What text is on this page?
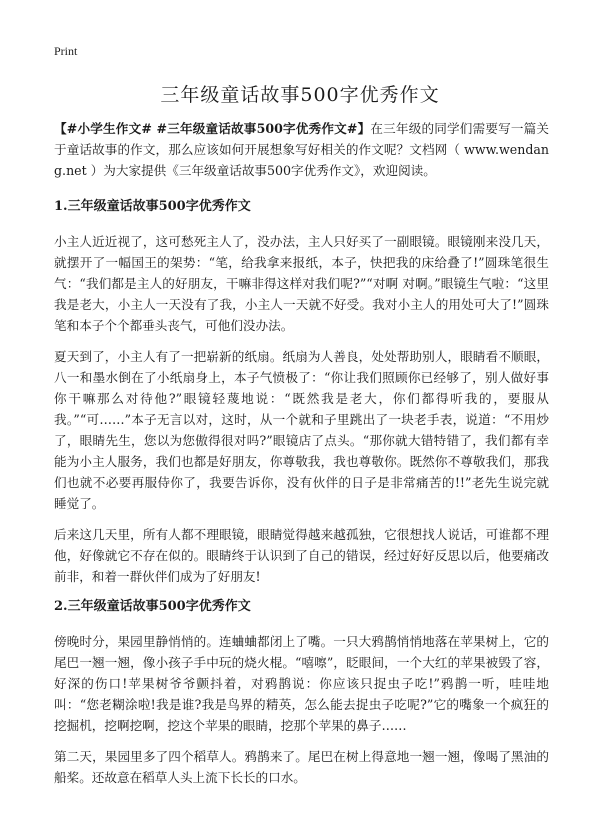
Print
三年级童话故事500字优秀作文

【#小学生作文# #三年级童话故事500字优秀作文#】在三年级的同学们需要写一篇关于童话故事的作文，那么应该如何开展想象写好相关的作文呢？文档网（ www.wendang.net ）为大家提供《三年级童话故事500字优秀作文》，欢迎阅读。

1.三年级童话故事500字优秀作文

小主人近近视了，这可愁死主人了，没办法，主人只好买了一副眼镜。眼镜刚来没几天，就摆开了一幅国王的架势：“笔，给我拿来报纸，本子，快把我的床给叠了!”圆珠笔很生气：“我们都是主人的好朋友，干嘛非得这样对我们呢?”“对啊 对啊。”眼镜生气啦：“这里我是老大，小主人一天没有了我，小主人一天就不好受。我对小主人的用处可大了!”圆珠笔和本子个个都垂头丧气，可他们没办法。

夏天到了，小主人有了一把崭新的纸扇。纸扇为人善良，处处帮助别人，眼睛看不顺眼，八一和墨水倒在了小纸扇身上，本子气愤极了：“你让我们照顾你已经够了，别人做好事你干嘛那么对待他?”眼镜轻蔑地说：“既然我是老大，你们都得听我的，要服从我。”“可……”本子无言以对，这时，从一个就和子里跳出了一块老手表，说道：“不用炒了，眼睛先生，您以为您傲得很对吗?”眼镜店了点头。“那你就大错特错了，我们都有幸能为小主人服务，我们也都是好朋友，你尊敬我，我也尊敬你。既然你不尊敬我们，那我们也就不必要再服侍你了，我要告诉你，没有伙伴的日子是非常痛苦的!!”老先生说完就睡觉了。

后来这几天里，所有人都不理眼镜，眼睛觉得越来越孤独，它很想找人说话，可谁都不理他，好像就它不存在似的。眼睛终于认识到了自己的错误，经过好好反思以后，他要痛改前非，和着一群伙伴们成为了好朋友!

2.三年级童话故事500字优秀作文

傍晚时分，果园里静悄悄的。连蛐蛐都闭上了嘴。一只大鸦鹊悄悄地落在苹果树上，它的尾巴一翘一翘，像小孩子手中玩的烧火棍。“嘻嚓”，眨眼间，一个大红的苹果被毁了容，好深的伤口!苹果树爷爷颤抖着，对鸦鹊说：你应该只捉虫子吃!”鸦鹊一听，哇哇地叫：“您老糊涂啦!我是谁?我是鸟界的精英，怎么能去捉虫子吃呢?”它的嘴象一个疯狂的挖掘机，挖啊挖啊，挖这个苹果的眼睛，挖那个苹果的鼻子……

第二天，果园里多了四个稻草人。鸦鹊来了。尾巴在树上得意地一翘一翘，像喝了黑油的船桨。还故意在稻草人头上流下长长的口水。
